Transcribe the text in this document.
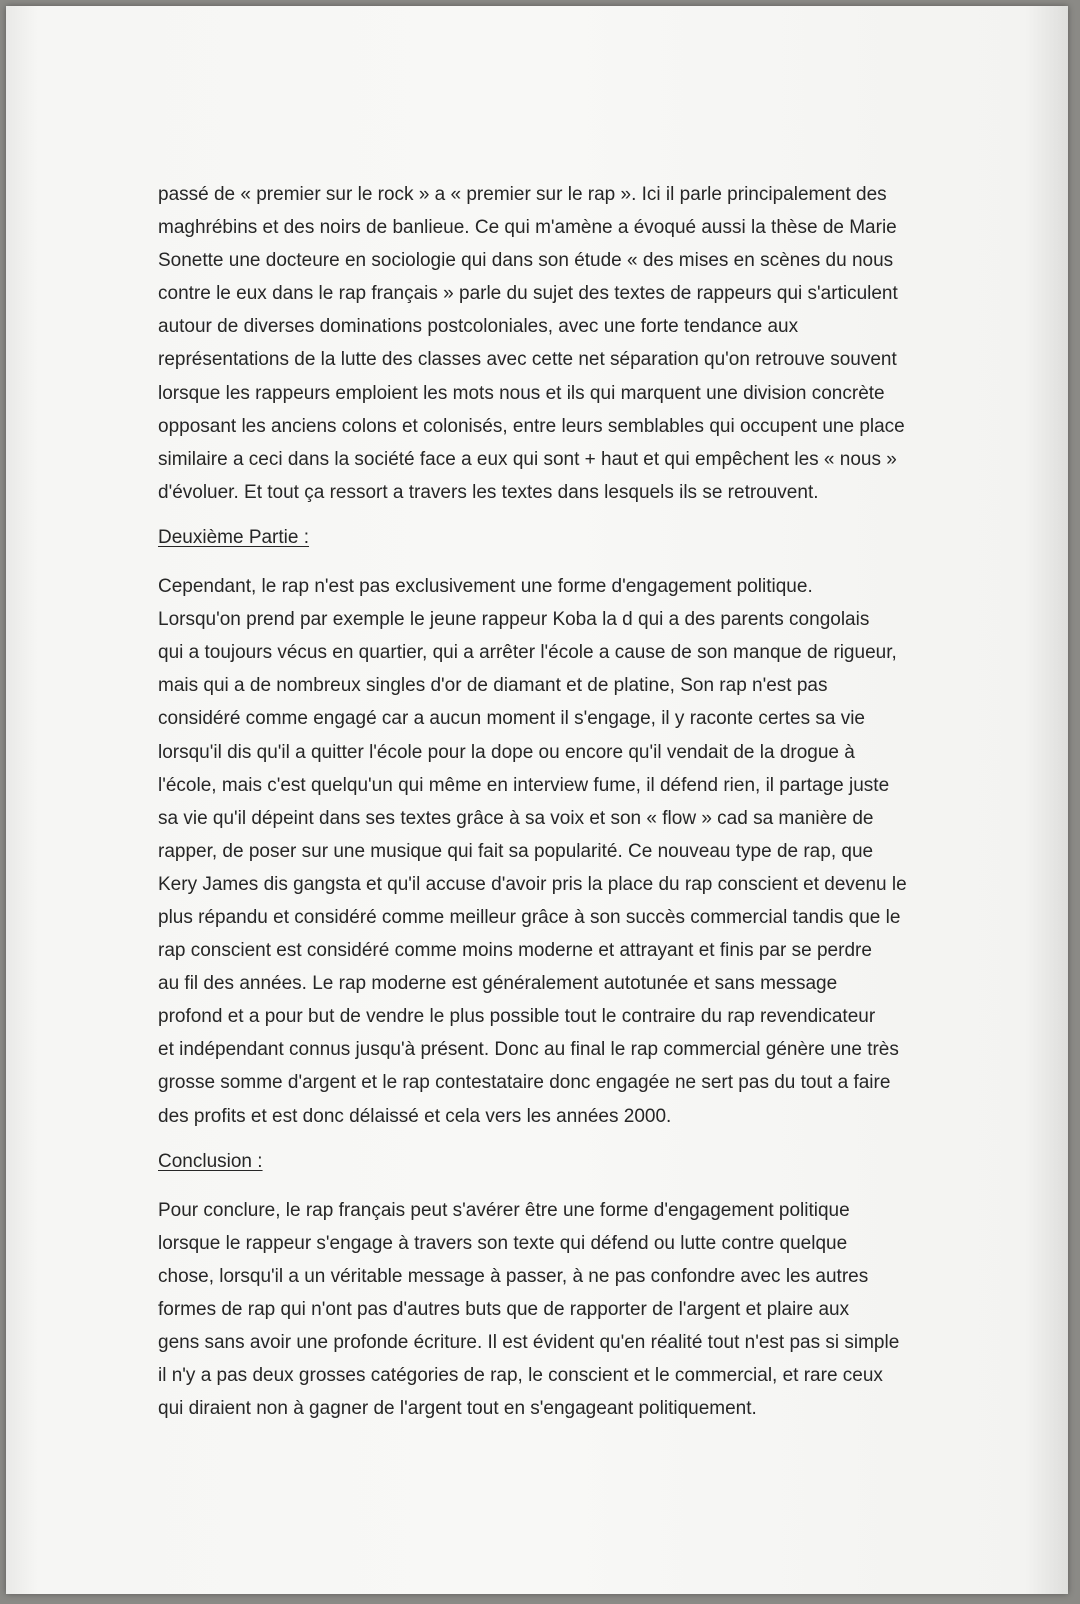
passé de « premier sur le rock » a « premier sur le rap ». Ici il parle principalement des
maghrébins et des noirs de banlieue. Ce qui m'amène a évoqué aussi la thèse de Marie
Sonette une docteure en sociologie qui dans son étude « des mises en scènes du nous
contre le eux dans le rap français » parle du sujet des textes de rappeurs qui s'articulent
autour de diverses dominations postcoloniales, avec une forte tendance aux
représentations de la lutte des classes avec cette net séparation qu'on retrouve souvent
lorsque les rappeurs emploient les mots nous et ils qui marquent une division concrète
opposant les anciens colons et colonisés, entre leurs semblables qui occupent une place
similaire a ceci dans la société face a eux qui sont + haut et qui empêchent les « nous »
d'évoluer. Et tout ça ressort a travers les textes dans lesquels ils se retrouvent.
Deuxième Partie :
Cependant, le rap n'est pas exclusivement une forme d'engagement politique.
Lorsqu'on prend par exemple le jeune rappeur Koba la d qui a des parents congolais
qui a toujours vécus en quartier, qui a arrêter l'école a cause de son manque de rigueur,
mais qui a de nombreux singles d'or de diamant et de platine, Son rap n'est pas
considéré comme engagé car a aucun moment il s'engage, il y raconte certes sa vie
lorsqu'il dis qu'il a quitter l'école pour la dope ou encore qu'il vendait de la drogue à
l'école, mais c'est quelqu'un qui même en interview fume, il défend rien, il partage juste
sa vie qu'il dépeint dans ses textes grâce à sa voix et son « flow » cad sa manière de
rapper, de poser sur une musique qui fait sa popularité. Ce nouveau type de rap, que
Kery James dis gangsta et qu'il accuse d'avoir pris la place du rap conscient et devenu le
plus répandu et considéré comme meilleur grâce à son succès commercial tandis que le
rap conscient est considéré comme moins moderne et attrayant et finis par se perdre
au fil des années. Le rap moderne est généralement autotunée et sans message
profond et a pour but de vendre le plus possible tout le contraire du rap revendicateur
et indépendant connus jusqu'à présent. Donc au final le rap commercial génère une très
grosse somme d'argent et le rap contestataire donc engagée ne sert pas du tout a faire
des profits et est donc délaissé et cela vers les années 2000.
Conclusion :
Pour conclure, le rap français peut s'avérer être une forme d'engagement politique
lorsque le rappeur s'engage à travers son texte qui défend ou lutte contre quelque
chose, lorsqu'il a un véritable message à passer, à ne pas confondre avec les autres
formes de rap qui n'ont pas d'autres buts que de rapporter de l'argent et plaire aux
gens sans avoir une profonde écriture. Il est évident qu'en réalité tout n'est pas si simple
il n'y a pas deux grosses catégories de rap, le conscient et le commercial, et rare ceux
qui diraient non à gagner de l'argent tout en s'engageant politiquement.
